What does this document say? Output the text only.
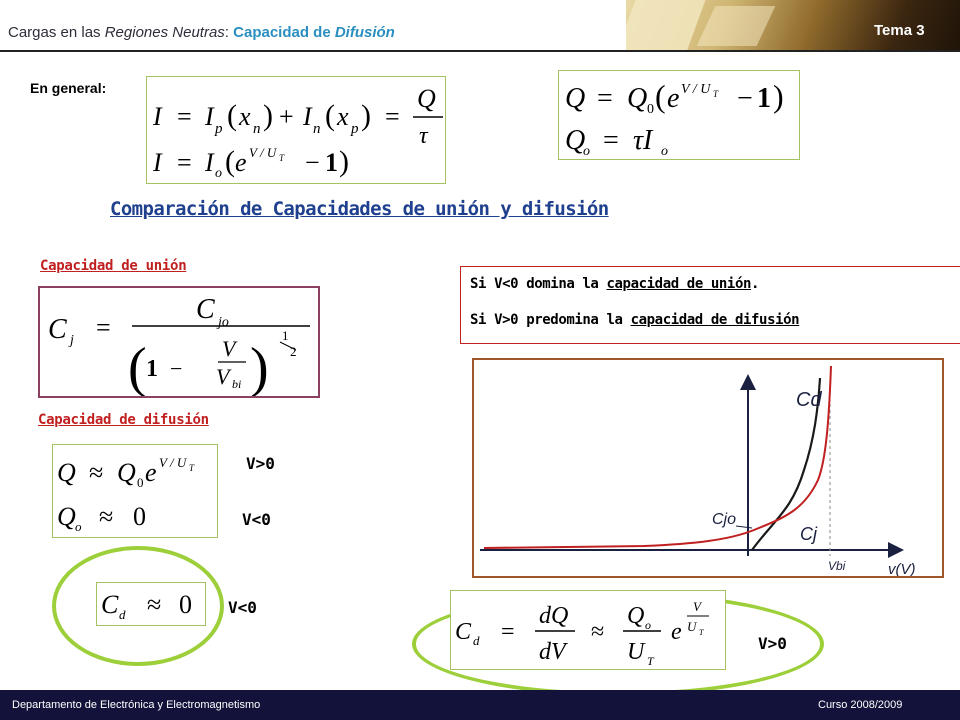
Cargas en las Regiones Neutras: Capacidad de Difusión	Tema 3
En general:
I = I p ( x n ) + I n ( x p ) =
Q
τ
I = I o ( e V / U T − 1 )
Q = Q 0 ( e V / U T − 1 )
Q
o = τI o
Comparación de Capacidades de unión y difusión
Capacidad de unión
C j =
C jo
( 1 −
V
V bi )
1
2
Capacidad de difusión
Q ≈ Q 0 e V / U T
Q o ≈ 0
V>0
V<0
Si V<0 domina la capacidad de unión.
Si V>0 predomina la capacidad de difusión
Cd
Cjo
Cj
Vbi	v(V)
C d ≈ 0 V<0
C d =
dQ
dV
≈
Q o
U T
e
V
U T
V>0
Departamento de Electrónica y Electromagnetismo	Curso 2008/2009
